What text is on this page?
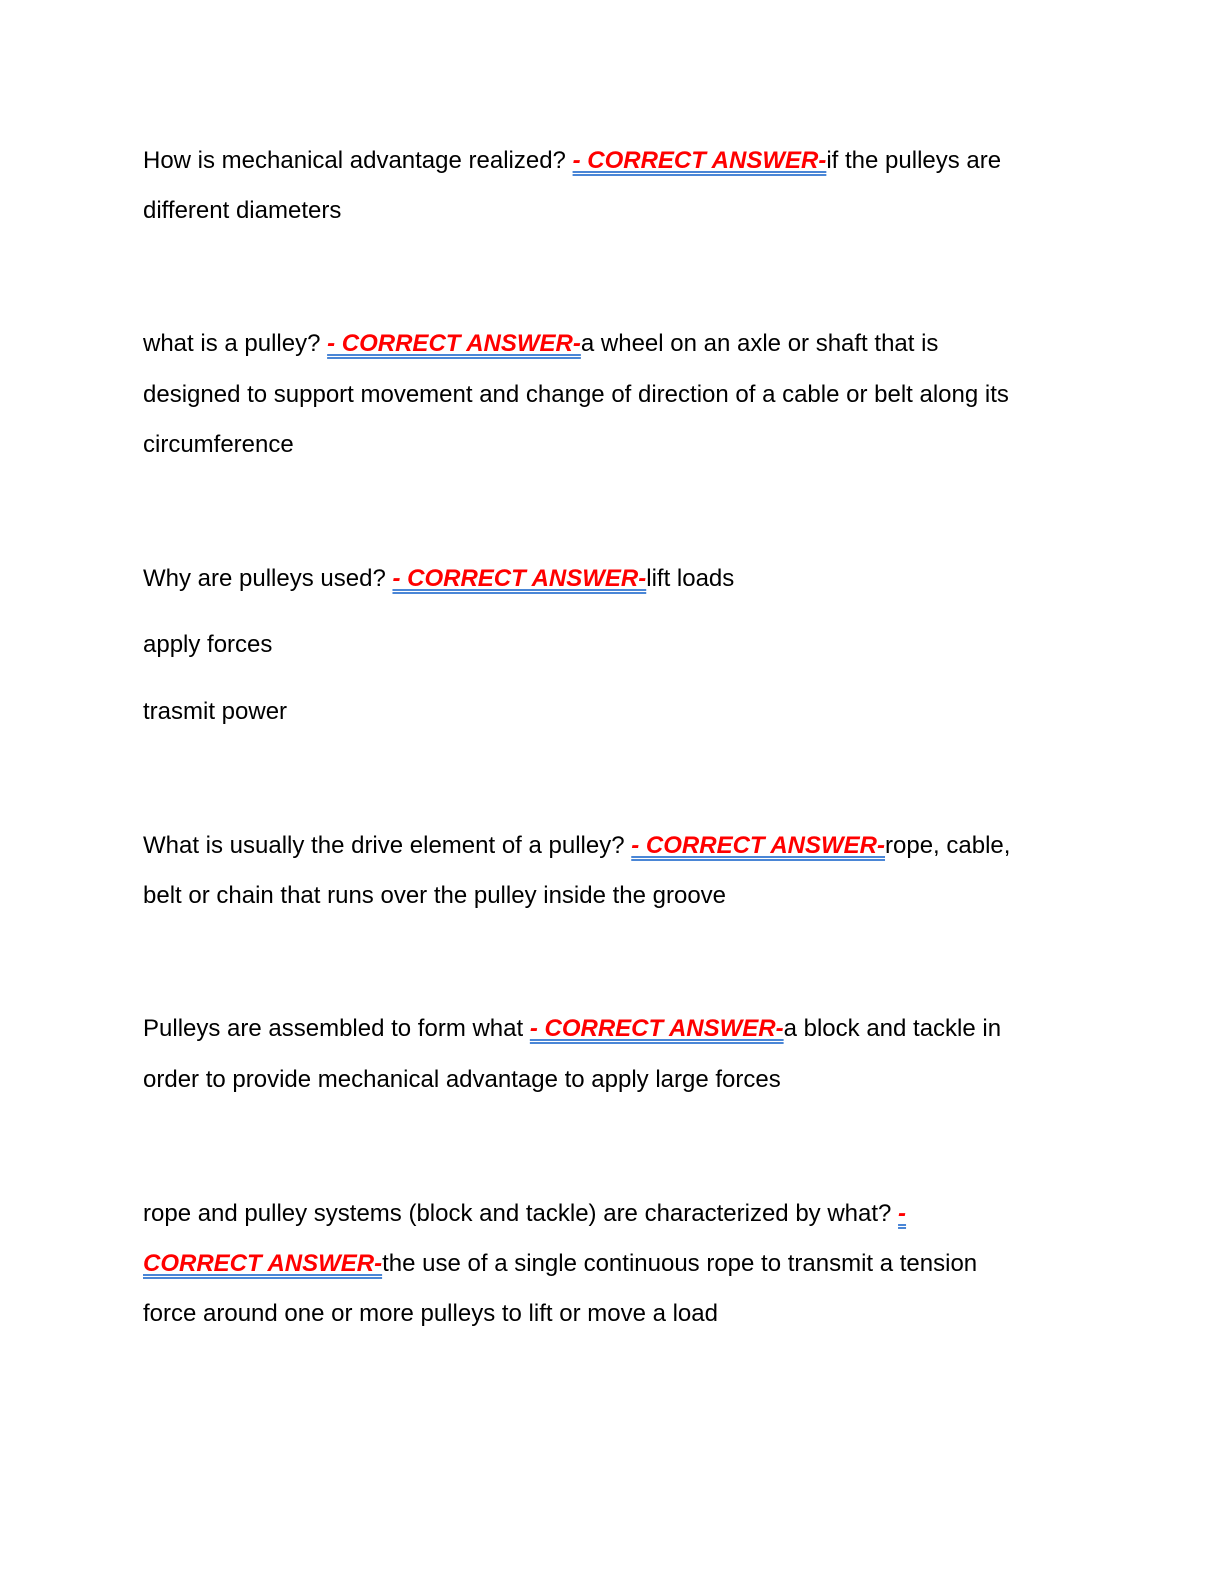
How is mechanical advantage realized? - CORRECT ANSWER-if the pulleys are
different diameters
what is a pulley? - CORRECT ANSWER-a wheel on an axle or shaft that is
designed to support movement and change of direction of a cable or belt along its
circumference
Why are pulleys used? - CORRECT ANSWER-lift loads
apply forces
trasmit power
What is usually the drive element of a pulley? - CORRECT ANSWER-rope, cable,
belt or chain that runs over the pulley inside the groove
Pulleys are assembled to form what - CORRECT ANSWER-a block and tackle in
order to provide mechanical advantage to apply large forces
rope and pulley systems (block and tackle) are characterized by what? -
CORRECT ANSWER-the use of a single continuous rope to transmit a tension
force around one or more pulleys to lift or move a load
